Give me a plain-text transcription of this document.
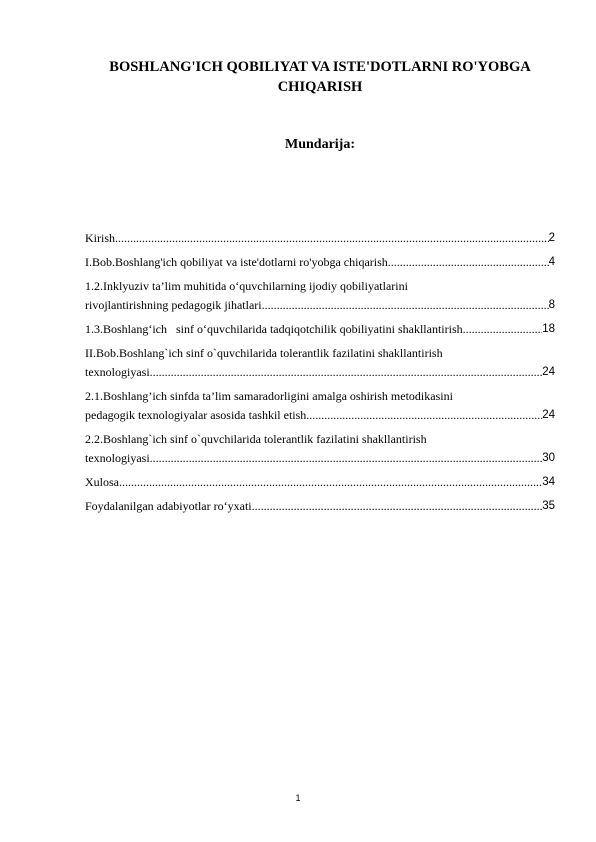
BOSHLANG'ICH QOBILIYAT VA ISTE'DOTLARNI RO'YOBGA CHIQARISH
Mundarija:
Kirish .....	2
I.Bob.Boshlang'ich qobiliyat va iste'dotlarni ro'yobga chiqarish .....	4
1.2.Inklyuziv ta’lim muhitida o‘quvchilarning ijodiy qobiliyatlarini
rivojlantirishning pedagogik jihatlari .....	8
1.3.Boshlang‘ich   sinf o‘quvchilarida tadqiqotchilik qobiliyatini shakllantirish .....	18
II.Bob.Boshlang`ich sinf o`quvchilarida tolerantlik fazilatini shakllantirish
texnologiyasi .....	24
2.1.Boshlang’ich sinfda ta’lim samaradorligini amalga oshirish metodikasini
pedagogik texnologiyalar asosida tashkil etish .....	24
2.2.Boshlang`ich sinf o`quvchilarida tolerantlik fazilatini shakllantirish
texnologiyasi .....	30
Xulosa .....	34
Foydalanilgan adabiyotlar ro‘yxati .....	35
1
